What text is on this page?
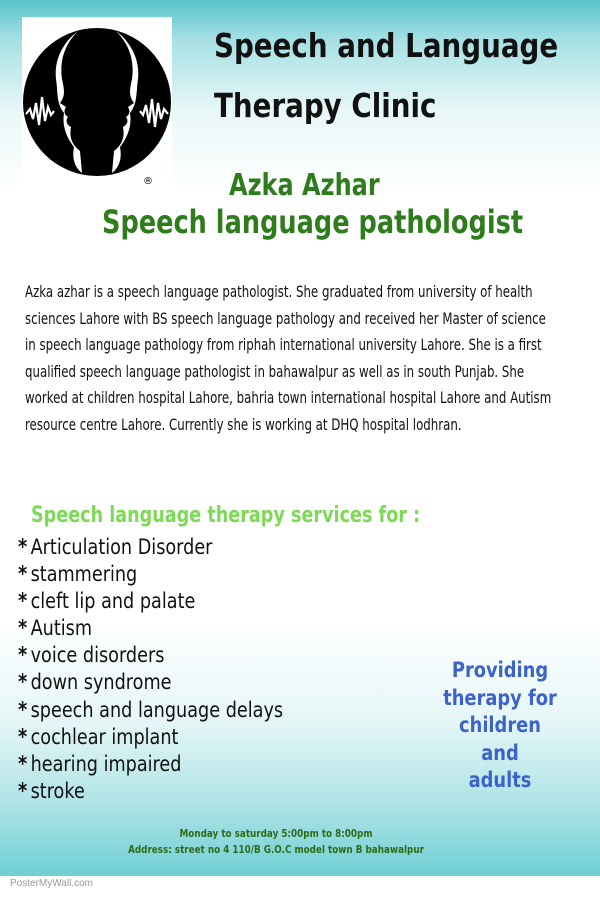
®
Speech and Language
Therapy Clinic
Azka Azhar
Speech language pathologist

Azka azhar is a speech language pathologist. She graduated from university of health sciences Lahore with BS speech language pathology and received her Master of science in speech language pathology from riphah international university Lahore. She is a first qualified speech language pathologist in bahawalpur as well as in south Punjab. She worked at children hospital Lahore, bahria town international hospital Lahore and Autism resource centre Lahore. Currently she is working at DHQ hospital lodhran.

Speech language therapy services for :
* Articulation Disorder
* stammering
* cleft lip and palate
* Autism
* voice disorders
* down syndrome
* speech and language delays
* cochlear implant
* hearing impaired
* stroke
Providing
therapy for
children and
adults

Monday to saturday 5:00pm to 8:00pm

Address: street no 4 110/B G.O.C model town B bahawalpur

PosterMyWall.com
